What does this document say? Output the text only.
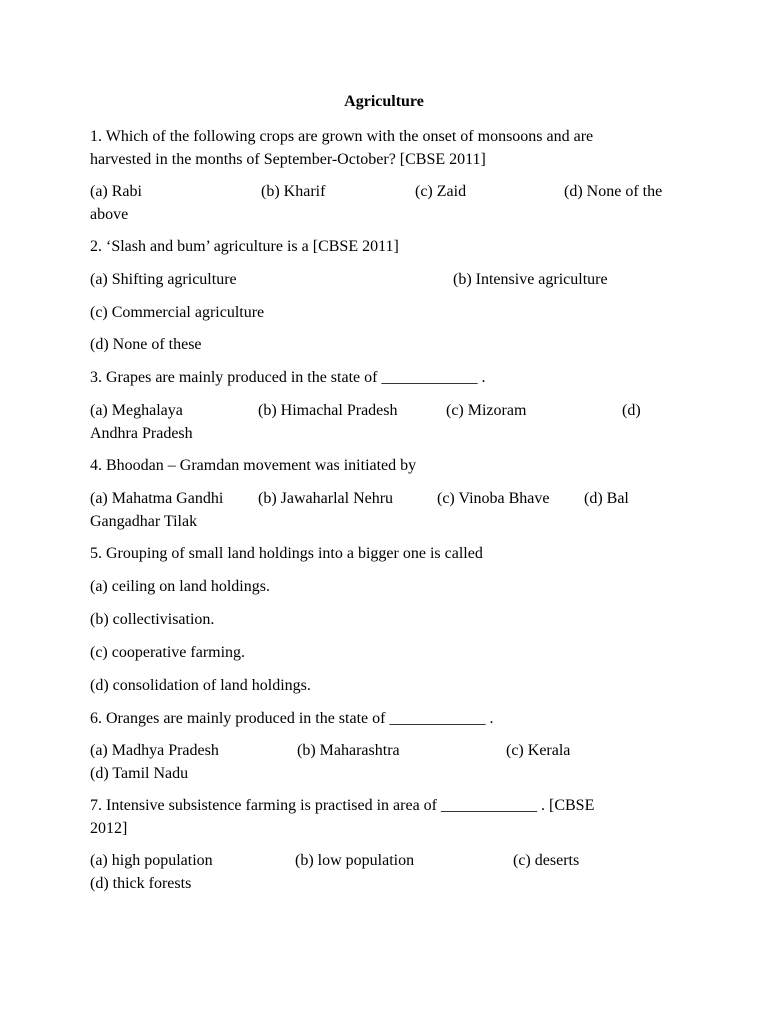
Agriculture
1. Which of the following crops are grown with the onset of monsoons and are
harvested in the months of September-October? [CBSE 2011]
(a) Rabi	(b) Kharif	(c) Zaid	(d) None of the
above
2. ‘Slash and bum’ agriculture is a [CBSE 2011]
(a) Shifting agriculture	(b) Intensive agriculture
(c) Commercial agriculture
(d) None of these
3. Grapes are mainly produced in the state of ____________ .
(a) Meghalaya	(b) Himachal Pradesh	(c) Mizoram	(d)
Andhra Pradesh
4. Bhoodan – Gramdan movement was initiated by
(a) Mahatma Gandhi (b) Jawaharlal Nehru	(c) Vinoba Bhave (d) Bal
Gangadhar Tilak
5. Grouping of small land holdings into a bigger one is called
(a) ceiling on land holdings.
(b) collectivisation.
(c) cooperative farming.
(d) consolidation of land holdings.
6. Oranges are mainly produced in the state of ____________ .
(a) Madhya Pradesh	(b) Maharashtra	(c) Kerala
(d) Tamil Nadu
7. Intensive subsistence farming is practised in area of ____________ . [CBSE
2012]
(a) high population	(b) low population	(c) deserts
(d) thick forests
